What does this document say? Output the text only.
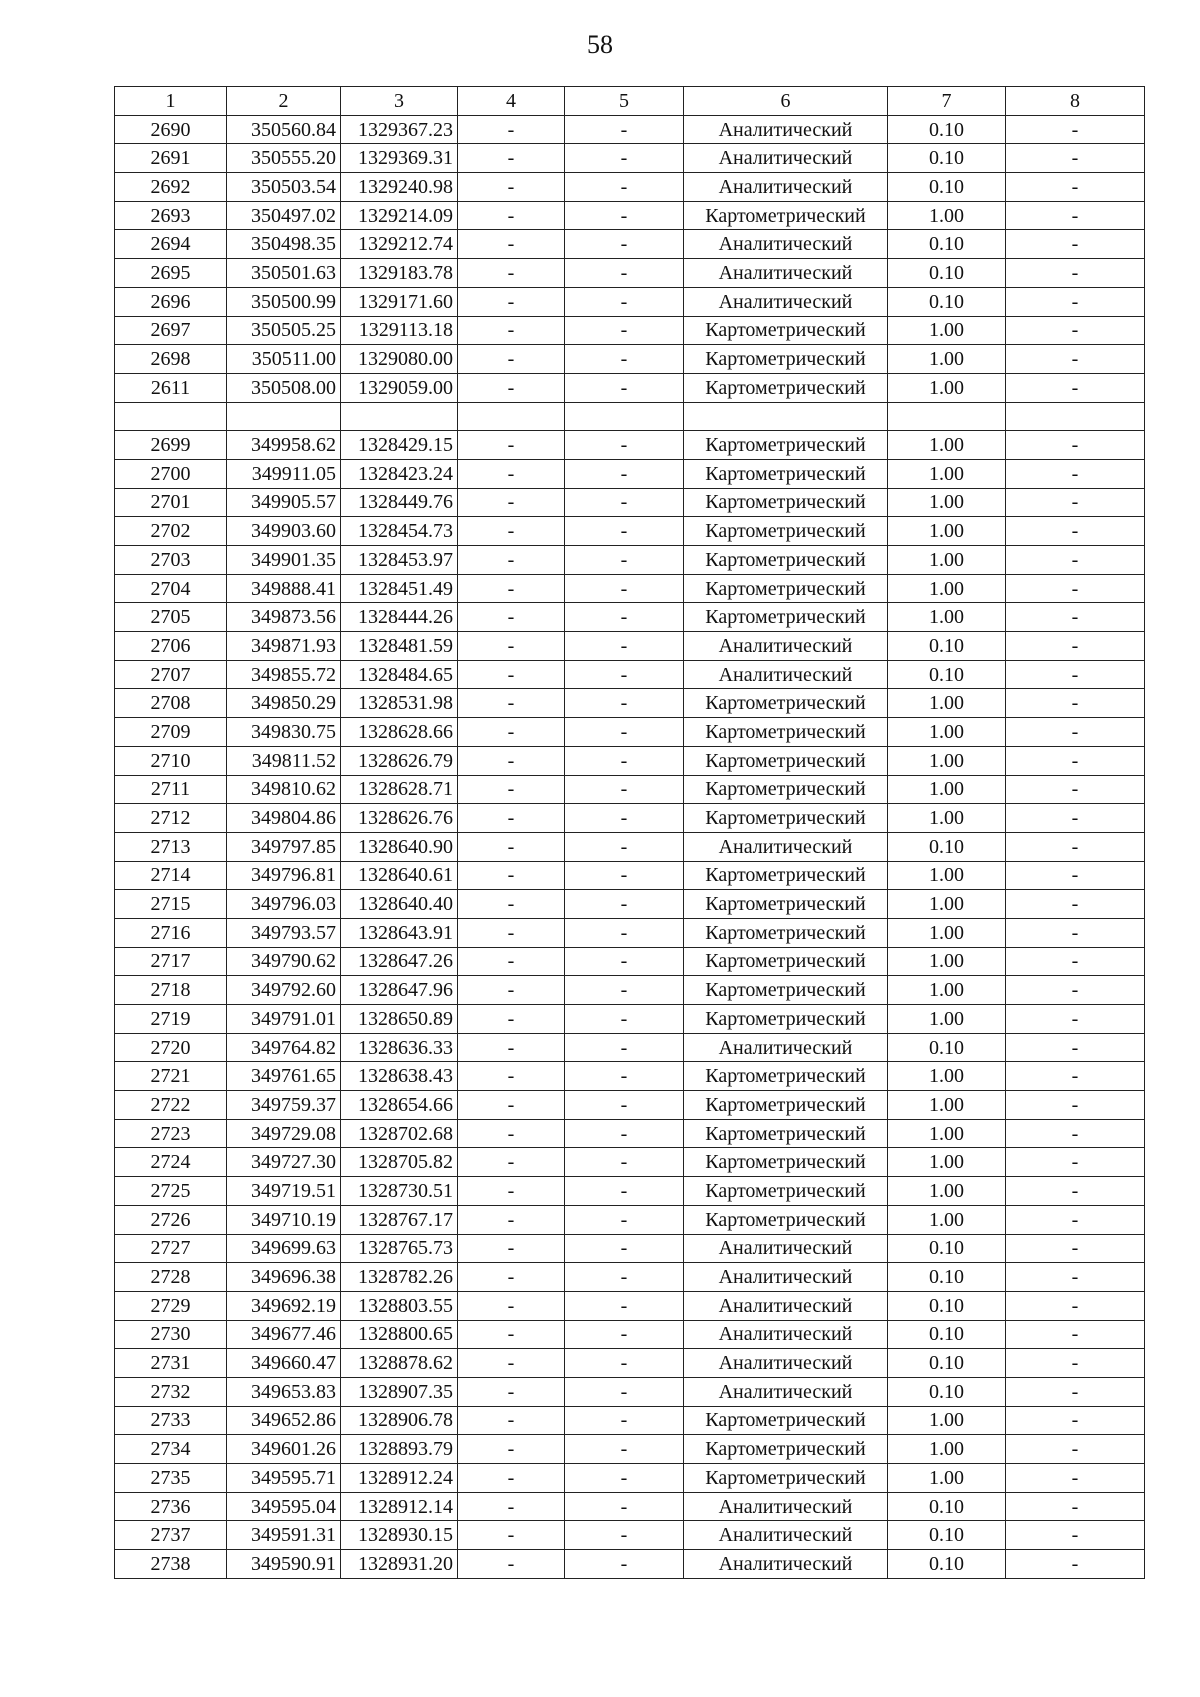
58
1	2	3	4	5	6	7	8
2690	350560.84	1329367.23	-	-	Аналитический	0.10	-
2691	350555.20	1329369.31	-	-	Аналитический	0.10	-
2692	350503.54	1329240.98	-	-	Аналитический	0.10	-
2693	350497.02	1329214.09	-	-	Картометрический	1.00	-
2694	350498.35	1329212.74	-	-	Аналитический	0.10	-
2695	350501.63	1329183.78	-	-	Аналитический	0.10	-
2696	350500.99	1329171.60	-	-	Аналитический	0.10	-
2697	350505.25	1329113.18	-	-	Картометрический	1.00	-
2698	350511.00	1329080.00	-	-	Картометрический	1.00	-
2611	350508.00	1329059.00	-	-	Картометрический	1.00	-

2699	349958.62	1328429.15	-	-	Картометрический	1.00	-
2700	349911.05	1328423.24	-	-	Картометрический	1.00	-
2701	349905.57	1328449.76	-	-	Картометрический	1.00	-
2702	349903.60	1328454.73	-	-	Картометрический	1.00	-
2703	349901.35	1328453.97	-	-	Картометрический	1.00	-
2704	349888.41	1328451.49	-	-	Картометрический	1.00	-
2705	349873.56	1328444.26	-	-	Картометрический	1.00	-
2706	349871.93	1328481.59	-	-	Аналитический	0.10	-
2707	349855.72	1328484.65	-	-	Аналитический	0.10	-
2708	349850.29	1328531.98	-	-	Картометрический	1.00	-
2709	349830.75	1328628.66	-	-	Картометрический	1.00	-
2710	349811.52	1328626.79	-	-	Картометрический	1.00	-
2711	349810.62	1328628.71	-	-	Картометрический	1.00	-
2712	349804.86	1328626.76	-	-	Картометрический	1.00	-
2713	349797.85	1328640.90	-	-	Аналитический	0.10	-
2714	349796.81	1328640.61	-	-	Картометрический	1.00	-
2715	349796.03	1328640.40	-	-	Картометрический	1.00	-
2716	349793.57	1328643.91	-	-	Картометрический	1.00	-
2717	349790.62	1328647.26	-	-	Картометрический	1.00	-
2718	349792.60	1328647.96	-	-	Картометрический	1.00	-
2719	349791.01	1328650.89	-	-	Картометрический	1.00	-
2720	349764.82	1328636.33	-	-	Аналитический	0.10	-
2721	349761.65	1328638.43	-	-	Картометрический	1.00	-
2722	349759.37	1328654.66	-	-	Картометрический	1.00	-
2723	349729.08	1328702.68	-	-	Картометрический	1.00	-
2724	349727.30	1328705.82	-	-	Картометрический	1.00	-
2725	349719.51	1328730.51	-	-	Картометрический	1.00	-
2726	349710.19	1328767.17	-	-	Картометрический	1.00	-
2727	349699.63	1328765.73	-	-	Аналитический	0.10	-
2728	349696.38	1328782.26	-	-	Аналитический	0.10	-
2729	349692.19	1328803.55	-	-	Аналитический	0.10	-
2730	349677.46	1328800.65	-	-	Аналитический	0.10	-
2731	349660.47	1328878.62	-	-	Аналитический	0.10	-
2732	349653.83	1328907.35	-	-	Аналитический	0.10	-
2733	349652.86	1328906.78	-	-	Картометрический	1.00	-
2734	349601.26	1328893.79	-	-	Картометрический	1.00	-
2735	349595.71	1328912.24	-	-	Картометрический	1.00	-
2736	349595.04	1328912.14	-	-	Аналитический	0.10	-
2737	349591.31	1328930.15	-	-	Аналитический	0.10	-
2738	349590.91	1328931.20	-	-	Аналитический	0.10	-
